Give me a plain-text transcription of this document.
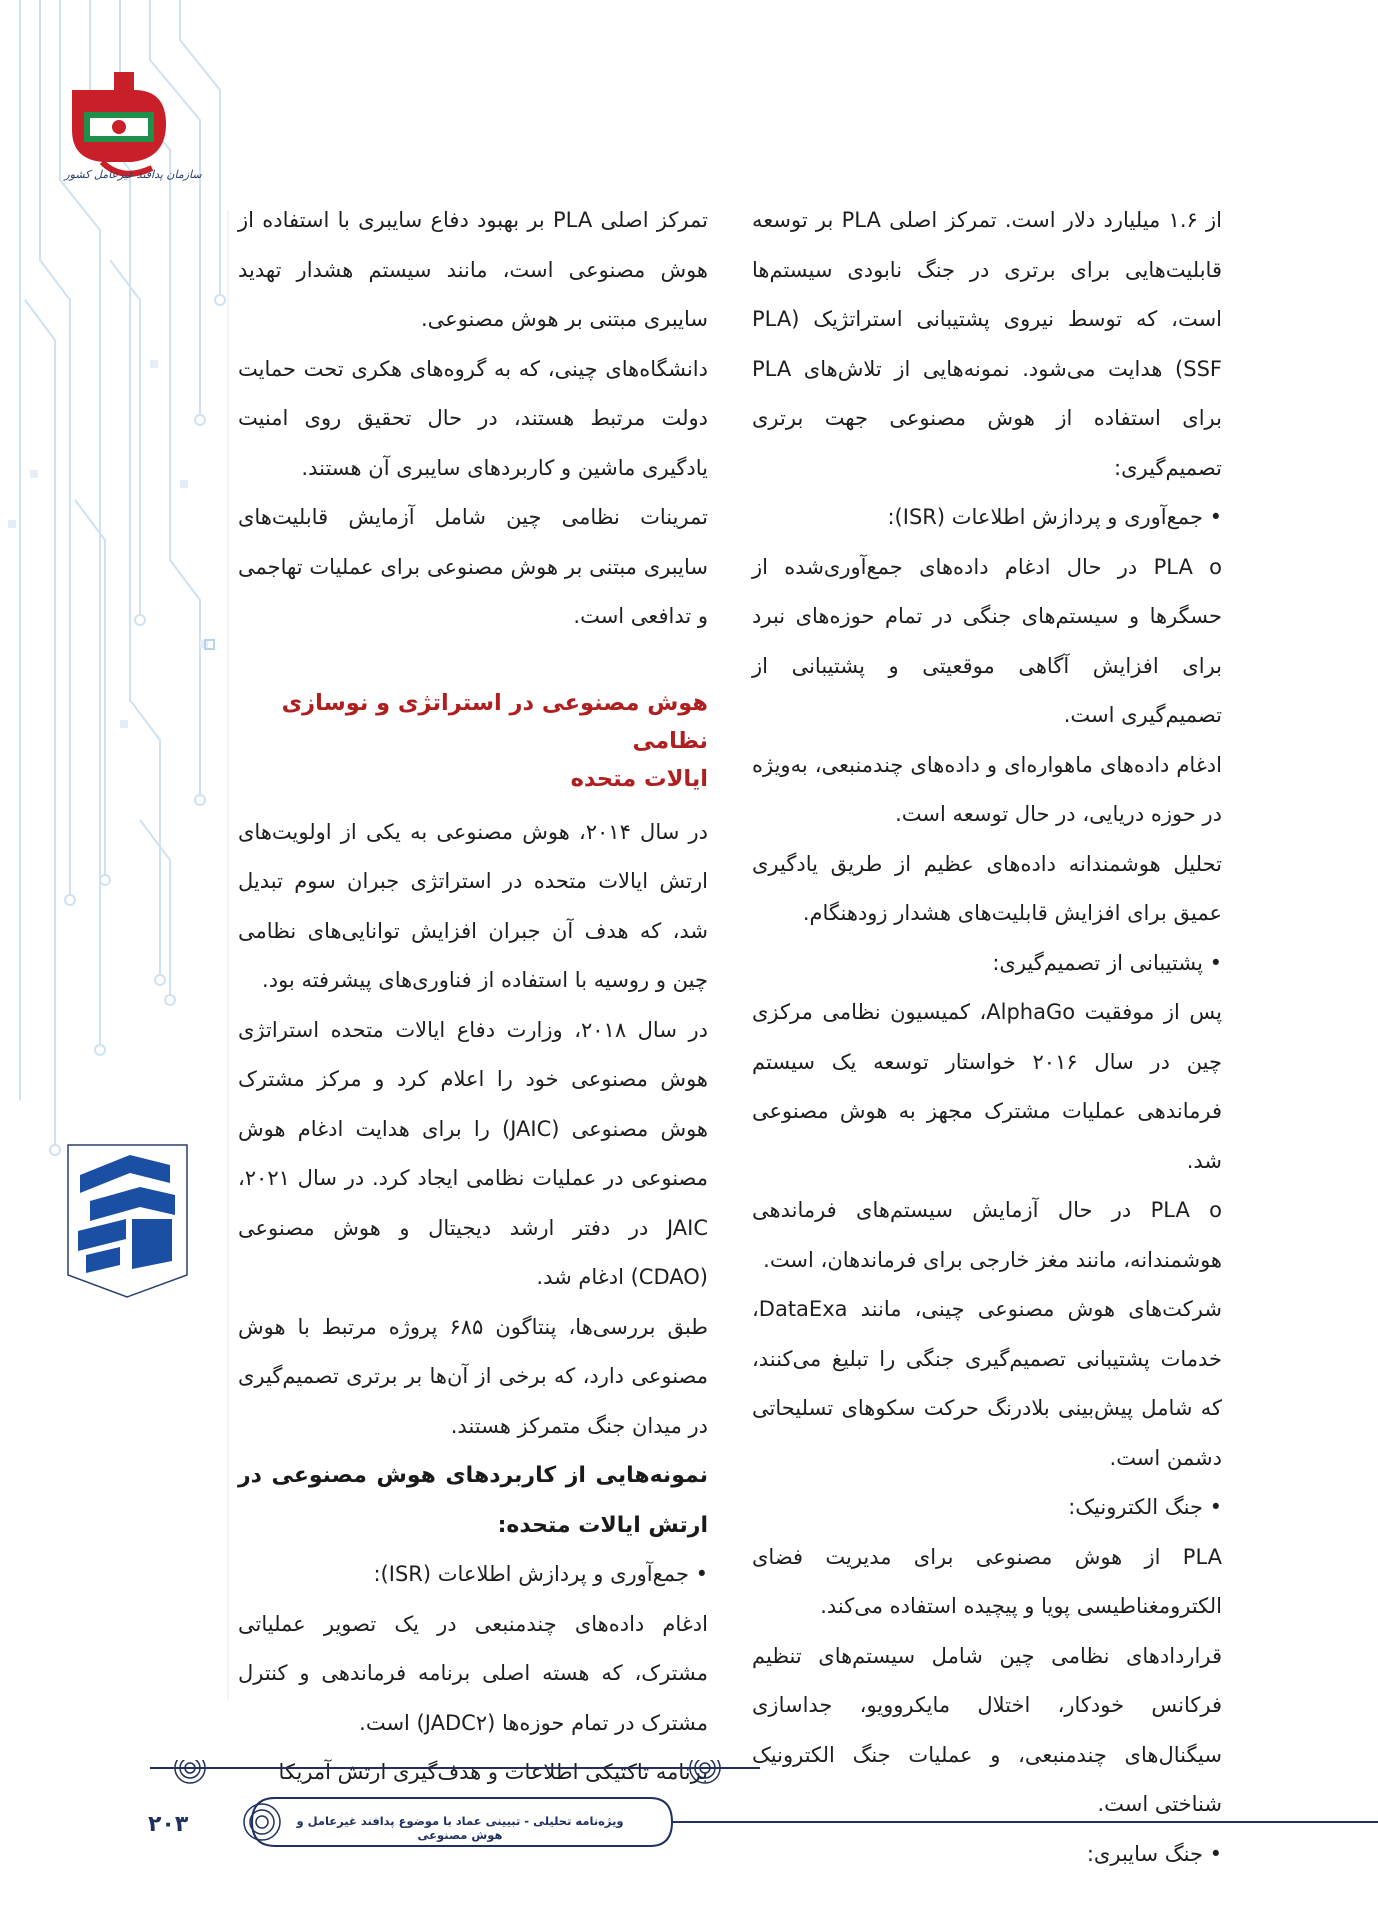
سازمان پدافند غیرعامل کشور

از ۱.۶ میلیارد دلار است. تمرکز اصلی PLA بر توسعه قابلیت‌هایی برای برتری در جنگ نابودی سیستم‌ها است، که توسط نیروی پشتیبانی استراتژیک (PLA SSF) هدایت می‌شود. نمونه‌هایی از تلاش‌های PLA برای استفاده از هوش مصنوعی جهت برتری تصمیم‌گیری:

• جمع‌آوری و پردازش اطلاعات (ISR):

PLA o در حال ادغام داده‌های جمع‌آوری‌شده از حسگرها و سیستم‌های جنگی در تمام حوزه‌های نبرد برای افزایش آگاهی موقعیتی و پشتیبانی از تصمیم‌گیری است.

ادغام داده‌های ماهواره‌ای و داده‌های چندمنبعی، به‌ویژه در حوزه دریایی، در حال توسعه است.

تحلیل هوشمندانه داده‌های عظیم از طریق یادگیری عمیق برای افزایش قابلیت‌های هشدار زودهنگام.

• پشتیبانی از تصمیم‌گیری:

پس از موفقیت AlphaGo، کمیسیون نظامی مرکزی چین در سال ۲۰۱۶ خواستار توسعه یک سیستم فرماندهی عملیات مشترک مجهز به هوش مصنوعی شد.

PLA o در حال آزمایش سیستم‌های فرماندهی هوشمندانه، مانند مغز خارجی برای فرماندهان، است.

شرکت‌های هوش مصنوعی چینی، مانند DataExa، خدمات پشتیبانی تصمیم‌گیری جنگی را تبلیغ می‌کنند، که شامل پیش‌بینی بلادرنگ حرکت سکوهای تسلیحاتی دشمن است.

• جنگ الکترونیک:

PLA از هوش مصنوعی برای مدیریت فضای الکترومغناطیسی پویا و پیچیده استفاده می‌کند.

قراردادهای نظامی چین شامل سیستم‌های تنظیم فرکانس خودکار، اختلال مایکروویو، جداسازی سیگنال‌های چندمنبعی، و عملیات جنگ الکترونیک شناختی است.

• جنگ سایبری:

تمرکز اصلی PLA بر بهبود دفاع سایبری با استفاده از هوش مصنوعی است، مانند سیستم هشدار تهدید سایبری مبتنی بر هوش مصنوعی.

دانشگاه‌های چینی، که به گروه‌های هکری تحت حمایت دولت مرتبط هستند، در حال تحقیق روی امنیت یادگیری ماشین و کاربردهای سایبری آن هستند.

تمرینات نظامی چین شامل آزمایش قابلیت‌های سایبری مبتنی بر هوش مصنوعی برای عملیات تهاجمی و تدافعی است.

هوش مصنوعی در استراتژی و نوسازی نظامی
ایالات متحده

در سال ۲۰۱۴، هوش مصنوعی به یکی از اولویت‌های ارتش ایالات متحده در استراتژی جبران سوم تبدیل شد، که هدف آن جبران افزایش توانایی‌های نظامی چین و روسیه با استفاده از فناوری‌های پیشرفته بود.

در سال ۲۰۱۸، وزارت دفاع ایالات متحده استراتژی هوش مصنوعی خود را اعلام کرد و مرکز مشترک هوش مصنوعی (JAIC) را برای هدایت ادغام هوش مصنوعی در عملیات نظامی ایجاد کرد. در سال ۲۰۲۱، JAIC در دفتر ارشد دیجیتال و هوش مصنوعی (CDAO) ادغام شد.

طبق بررسی‌ها، پنتاگون ۶۸۵ پروژه مرتبط با هوش مصنوعی دارد، که برخی از آن‌ها بر برتری تصمیم‌گیری در میدان جنگ متمرکز هستند.

نمونه‌هایی از کاربردهای هوش مصنوعی در ارتش ایالات متحده:

• جمع‌آوری و پردازش اطلاعات (ISR):

ادغام داده‌های چندمنبعی در یک تصویر عملیاتی مشترک، که هسته اصلی برنامه فرماندهی و کنترل مشترک در تمام حوزه‌ها (JADC۲) است.

برنامه تاکتیکی اطلاعات و هدف‌گیری ارتش آمریکا

۲۰۳	ویژه‌نامه تحلیلی - تبیینی عماد با موضوع پدافند غیرعامل و هوش مصنوعی
